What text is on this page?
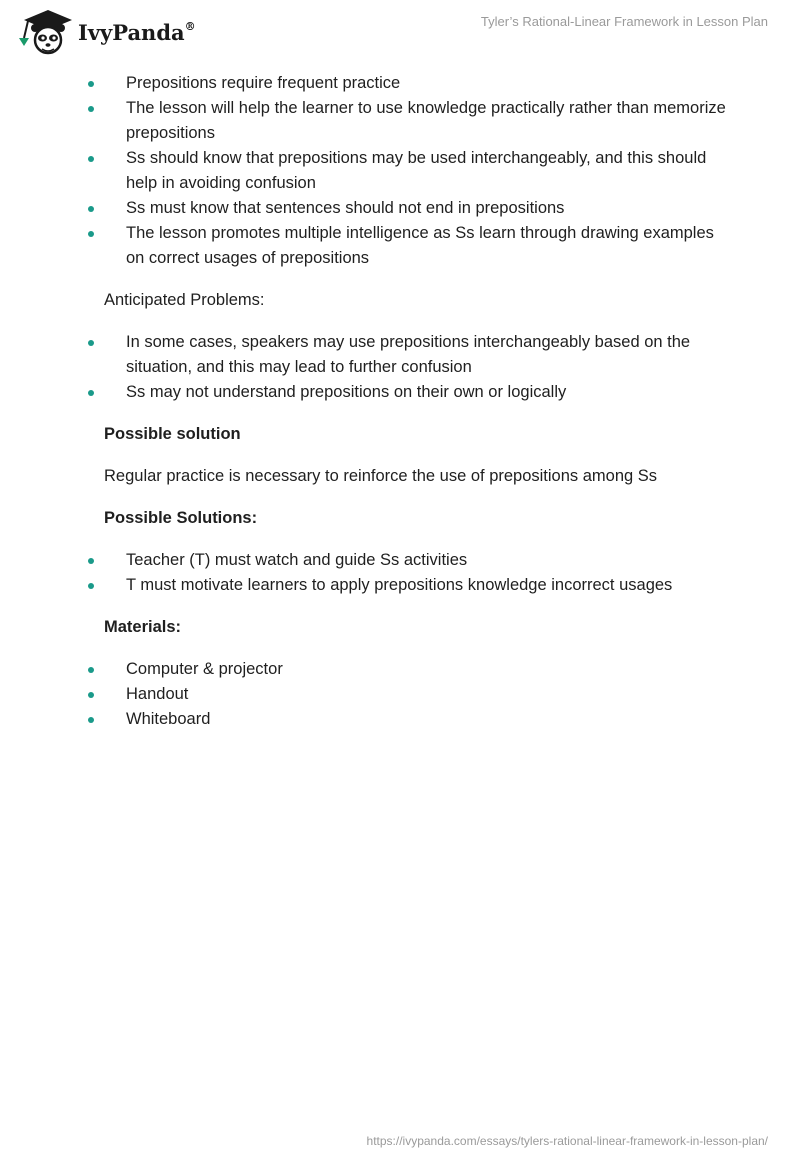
IvyPanda®	Tyler’s Rational-Linear Framework in Lesson Plan
Prepositions require frequent practice
The lesson will help the learner to use knowledge practically rather than memorize prepositions
Ss should know that prepositions may be used interchangeably, and this should help in avoiding confusion
Ss must know that sentences should not end in prepositions
The lesson promotes multiple intelligence as Ss learn through drawing examples on correct usages of prepositions

Anticipated Problems:

In some cases, speakers may use prepositions interchangeably based on the situation, and this may lead to further confusion
Ss may not understand prepositions on their own or logically

Possible solution

Regular practice is necessary to reinforce the use of prepositions among Ss

Possible Solutions:

Teacher (T) must watch and guide Ss activities
T must motivate learners to apply prepositions knowledge incorrect usages

Materials:

Computer & projector
Handout
Whiteboard
https://ivypanda.com/essays/tylers-rational-linear-framework-in-lesson-plan/
